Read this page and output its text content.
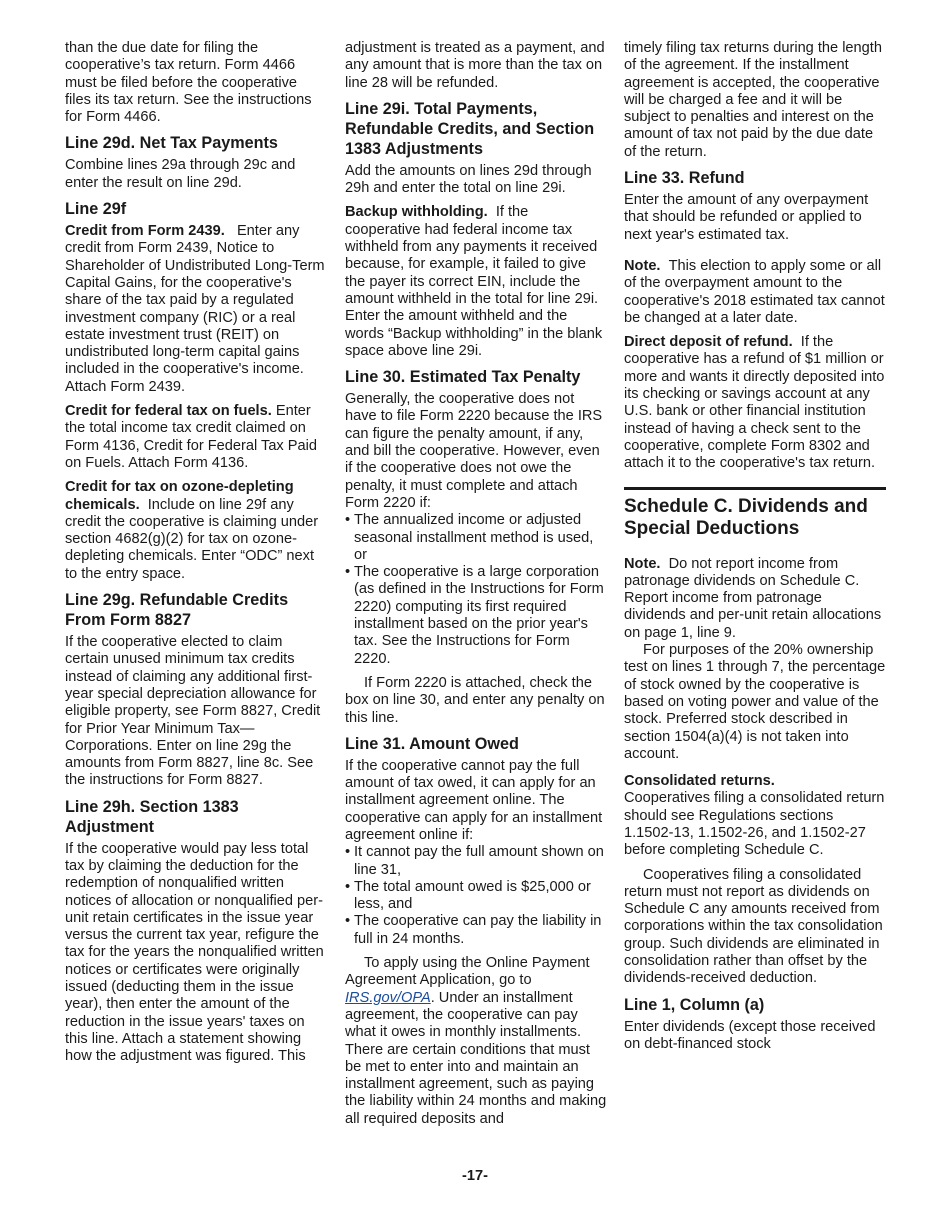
than the due date for filing the cooperative’s tax return. Form 4466 must be filed before the cooperative files its tax return. See the instructions for Form 4466.

Line 29d. Net Tax Payments

Combine lines 29a through 29c and enter the result on line 29d.

Line 29f

Credit from Form 2439. Enter any credit from Form 2439, Notice to Shareholder of Undistributed Long-Term Capital Gains, for the cooperative's share of the tax paid by a regulated investment company (RIC) or a real estate investment trust (REIT) on undistributed long-term capital gains included in the cooperative's income. Attach Form 2439.

Credit for federal tax on fuels. Enter the total income tax credit claimed on Form 4136, Credit for Federal Tax Paid on Fuels. Attach Form 4136.

Credit for tax on ozone-depleting chemicals. Include on line 29f any credit the cooperative is claiming under section 4682(g)(2) for tax on ozone-depleting chemicals. Enter “ODC” next to the entry space.

Line 29g. Refundable Credits From Form 8827

If the cooperative elected to claim certain unused minimum tax credits instead of claiming any additional first-year special depreciation allowance for eligible property, see Form 8827, Credit for Prior Year Minimum Tax—Corporations. Enter on line 29g the amounts from Form 8827, line 8c. See the instructions for Form 8827.

Line 29h. Section 1383 Adjustment

If the cooperative would pay less total tax by claiming the deduction for the redemption of nonqualified written notices of allocation or nonqualified per-unit retain certificates in the issue year versus the current tax year, refigure the tax for the years the nonqualified written notices or certificates were originally issued (deducting them in the issue year), then enter the amount of the reduction in the issue years' taxes on this line. Attach a statement showing how the adjustment was figured. This

adjustment is treated as a payment, and any amount that is more than the tax on line 28 will be refunded.

Line 29i. Total Payments, Refundable Credits, and Section 1383 Adjustments

Add the amounts on lines 29d through 29h and enter the total on line 29i.

Backup withholding. If the cooperative had federal income tax withheld from any payments it received because, for example, it failed to give the payer its correct EIN, include the amount withheld in the total for line 29i. Enter the amount withheld and the words “Backup withholding” in the blank space above line 29i.

Line 30. Estimated Tax Penalty

Generally, the cooperative does not have to file Form 2220 because the IRS can figure the penalty amount, if any, and bill the cooperative. However, even if the cooperative does not owe the penalty, it must complete and attach Form 2220 if:

• The annualized income or adjusted seasonal installment method is used, or

• The cooperative is a large corporation (as defined in the Instructions for Form 2220) computing its first required installment based on the prior year's tax. See the Instructions for Form 2220.

If Form 2220 is attached, check the box on line 30, and enter any penalty on this line.

Line 31. Amount Owed

If the cooperative cannot pay the full amount of tax owed, it can apply for an installment agreement online. The cooperative can apply for an installment agreement online if:

• It cannot pay the full amount shown on line 31,

• The total amount owed is $25,000 or less, and

• The cooperative can pay the liability in full in 24 months.

To apply using the Online Payment Agreement Application, go to IRS.gov/OPA. Under an installment agreement, the cooperative can pay what it owes in monthly installments. There are certain conditions that must be met to enter into and maintain an installment agreement, such as paying the liability within 24 months and making all required deposits and

timely filing tax returns during the length of the agreement. If the installment agreement is accepted, the cooperative will be charged a fee and it will be subject to penalties and interest on the amount of tax not paid by the due date of the return.

Line 33. Refund

Enter the amount of any overpayment that should be refunded or applied to next year's estimated tax.

Note. This election to apply some or all of the overpayment amount to the cooperative's 2018 estimated tax cannot be changed at a later date.

Direct deposit of refund. If the cooperative has a refund of $1 million or more and wants it directly deposited into its checking or savings account at any U.S. bank or other financial institution instead of having a check sent to the cooperative, complete Form 8302 and attach it to the cooperative's tax return.

Schedule C. Dividends and Special Deductions

Note. Do not report income from patronage dividends on Schedule C. Report income from patronage dividends and per-unit retain allocations on page 1, line 9.

For purposes of the 20% ownership test on lines 1 through 7, the percentage of stock owned by the cooperative is based on voting power and value of the stock. Preferred stock described in section 1504(a)(4) is not taken into account.

Consolidated returns.
Cooperatives filing a consolidated return should see Regulations sections 1.1502-13, 1.1502-26, and 1.1502-27 before completing Schedule C.

Cooperatives filing a consolidated return must not report as dividends on Schedule C any amounts received from corporations within the tax consolidation group. Such dividends are eliminated in consolidation rather than offset by the dividends-received deduction.

Line 1, Column (a)

Enter dividends (except those received on debt-financed stock

-17-
